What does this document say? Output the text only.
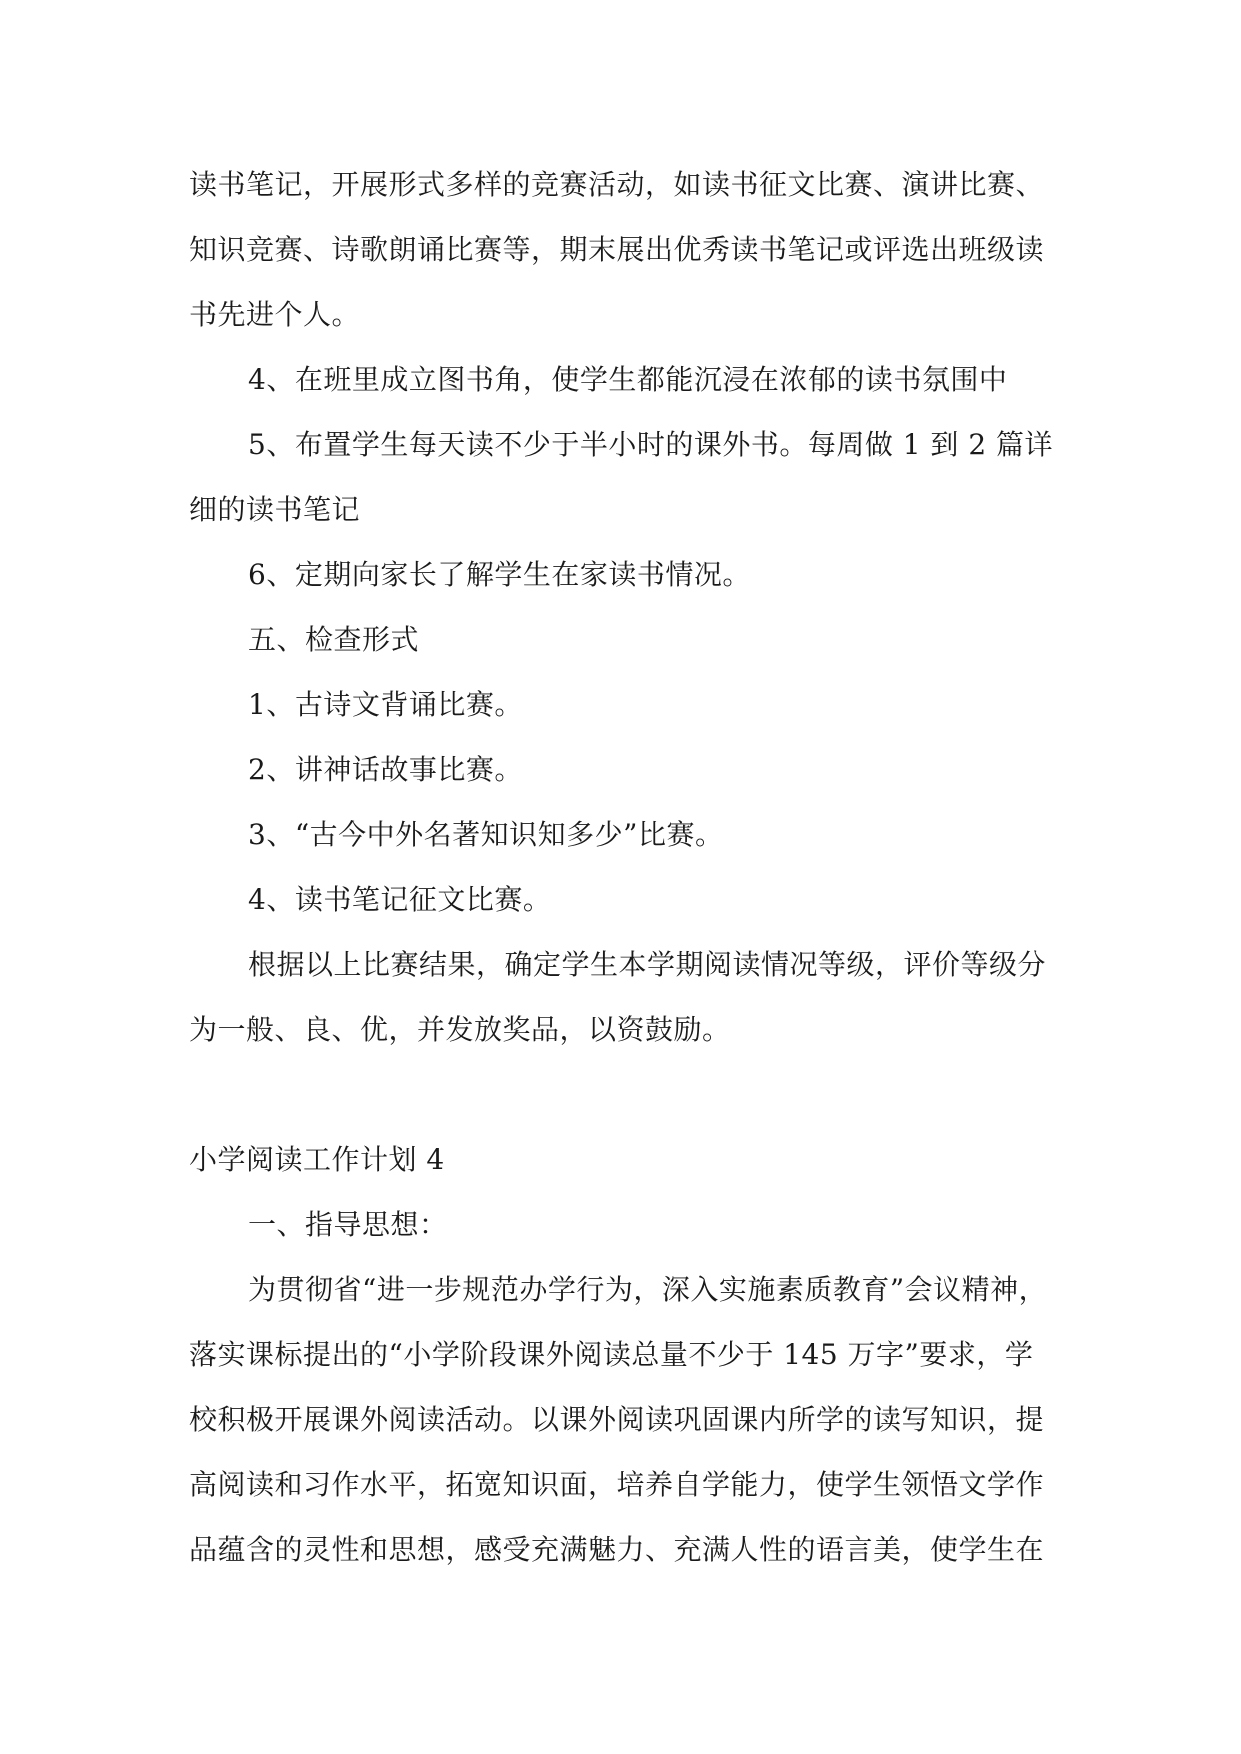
读书笔记，开展形式多样的竞赛活动，如读书征文比赛、演讲比赛、
知识竞赛、诗歌朗诵比赛等，期末展出优秀读书笔记或评选出班级读
书先进个人。
4、在班里成立图书角，使学生都能沉浸在浓郁的读书氛围中
5、布置学生每天读不少于半小时的课外书。每周做 1 到 2 篇详
细的读书笔记
6、定期向家长了解学生在家读书情况。
五、检查形式
1、古诗文背诵比赛。
2、讲神话故事比赛。
3、“古今中外名著知识知多少”比赛。
4、读书笔记征文比赛。
根据以上比赛结果，确定学生本学期阅读情况等级，评价等级分
为一般、良、优，并发放奖品，以资鼓励。
小学阅读工作计划 4
一、指导思想：
为贯彻省“进一步规范办学行为，深入实施素质教育”会议精神，
落实课标提出的“小学阶段课外阅读总量不少于 145 万字”要求，学
校积极开展课外阅读活动。以课外阅读巩固课内所学的读写知识，提
高阅读和习作水平，拓宽知识面，培养自学能力，使学生领悟文学作
品蕴含的灵性和思想，感受充满魅力、充满人性的语言美，使学生在
